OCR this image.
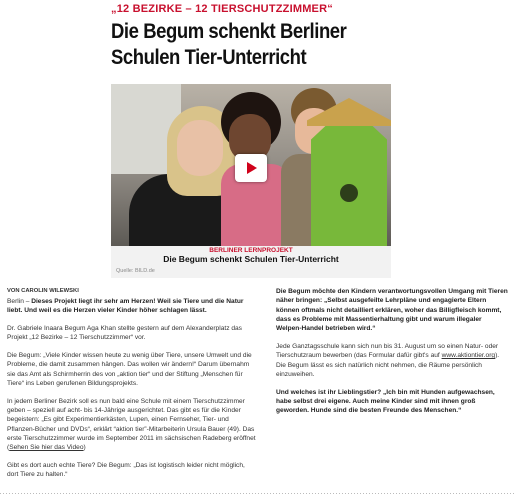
„12 BEZIRKE – 12 TIERSCHUTZZIMMER“
Die Begum schenkt Berliner
Schulen Tier-Unterricht
BERLINER LERNPROJEKT
Die Begum schenkt Schulen Tier-Unterricht
Quelle: BILD.de
VON CAROLIN WILEWSKI

Berlin – Dieses Projekt liegt ihr sehr am Herzen! Weil sie Tiere und die Natur liebt. Und weil es die Herzen vieler Kinder höher schlagen lässt.

Dr. Gabriele Inaara Begum Aga Khan stellte gestern auf dem Alexanderplatz das Projekt „12 Bezirke – 12 Tierschutzzimmer“ vor.

Die Begum: „Viele Kinder wissen heute zu wenig über Tiere, unsere Umwelt und die Probleme, die damit zusammen hängen. Das wollen wir ändern!“ Darum übernahm sie das Amt als Schirmherrin des von „aktion tier“ und der Stiftung „Menschen für Tiere“ ins Leben gerufenen Bildungsprojekts.

In jedem Berliner Bezirk soll es nun bald eine Schule mit einem Tierschutzzimmer geben – speziell auf acht- bis 14-Jährige ausgerichtet. Das gibt es für die Kinder begeistern: „Es gibt Experimentierkästen, Lupen, einen Fernseher, Tier- und Pflanzen-Bücher und DVDs“, erklärt “aktion tier”-Mitarbeiterin Ursula Bauer (49). Das erste Tierschutzzimmer wurde im September 2011 im sächsischen Radeberg eröffnet (Sehen Sie hier das Video)

Gibt es dort auch echte Tiere? Die Begum: „Das ist logistisch leider nicht möglich, dort Tiere zu halten.“

Die Begum möchte den Kindern verantwortungsvollen Umgang mit Tieren näher bringen: „Selbst ausgefeilte Lehrpläne und engagierte Eltern können oftmals nicht detailliert erklären, woher das Billigfleisch kommt, dass es Probleme mit Massentierhaltung gibt und warum illegaler Welpen-Handel betrieben wird.“

Jede Ganztagsschule kann sich nun bis 31. August um so einen Natur- oder Tierschutzraum bewerben (das Formular dafür gibt's auf www.aktiontier.org). Die Begum lässt es sich natürlich nicht nehmen, die Räume persönlich einzuweihen.

Und welches ist ihr Lieblingstier? „Ich bin mit Hunden aufgewachsen, habe selbst drei eigene. Auch meine Kinder sind mit ihnen groß geworden. Hunde sind die besten Freunde des Menschen.“
